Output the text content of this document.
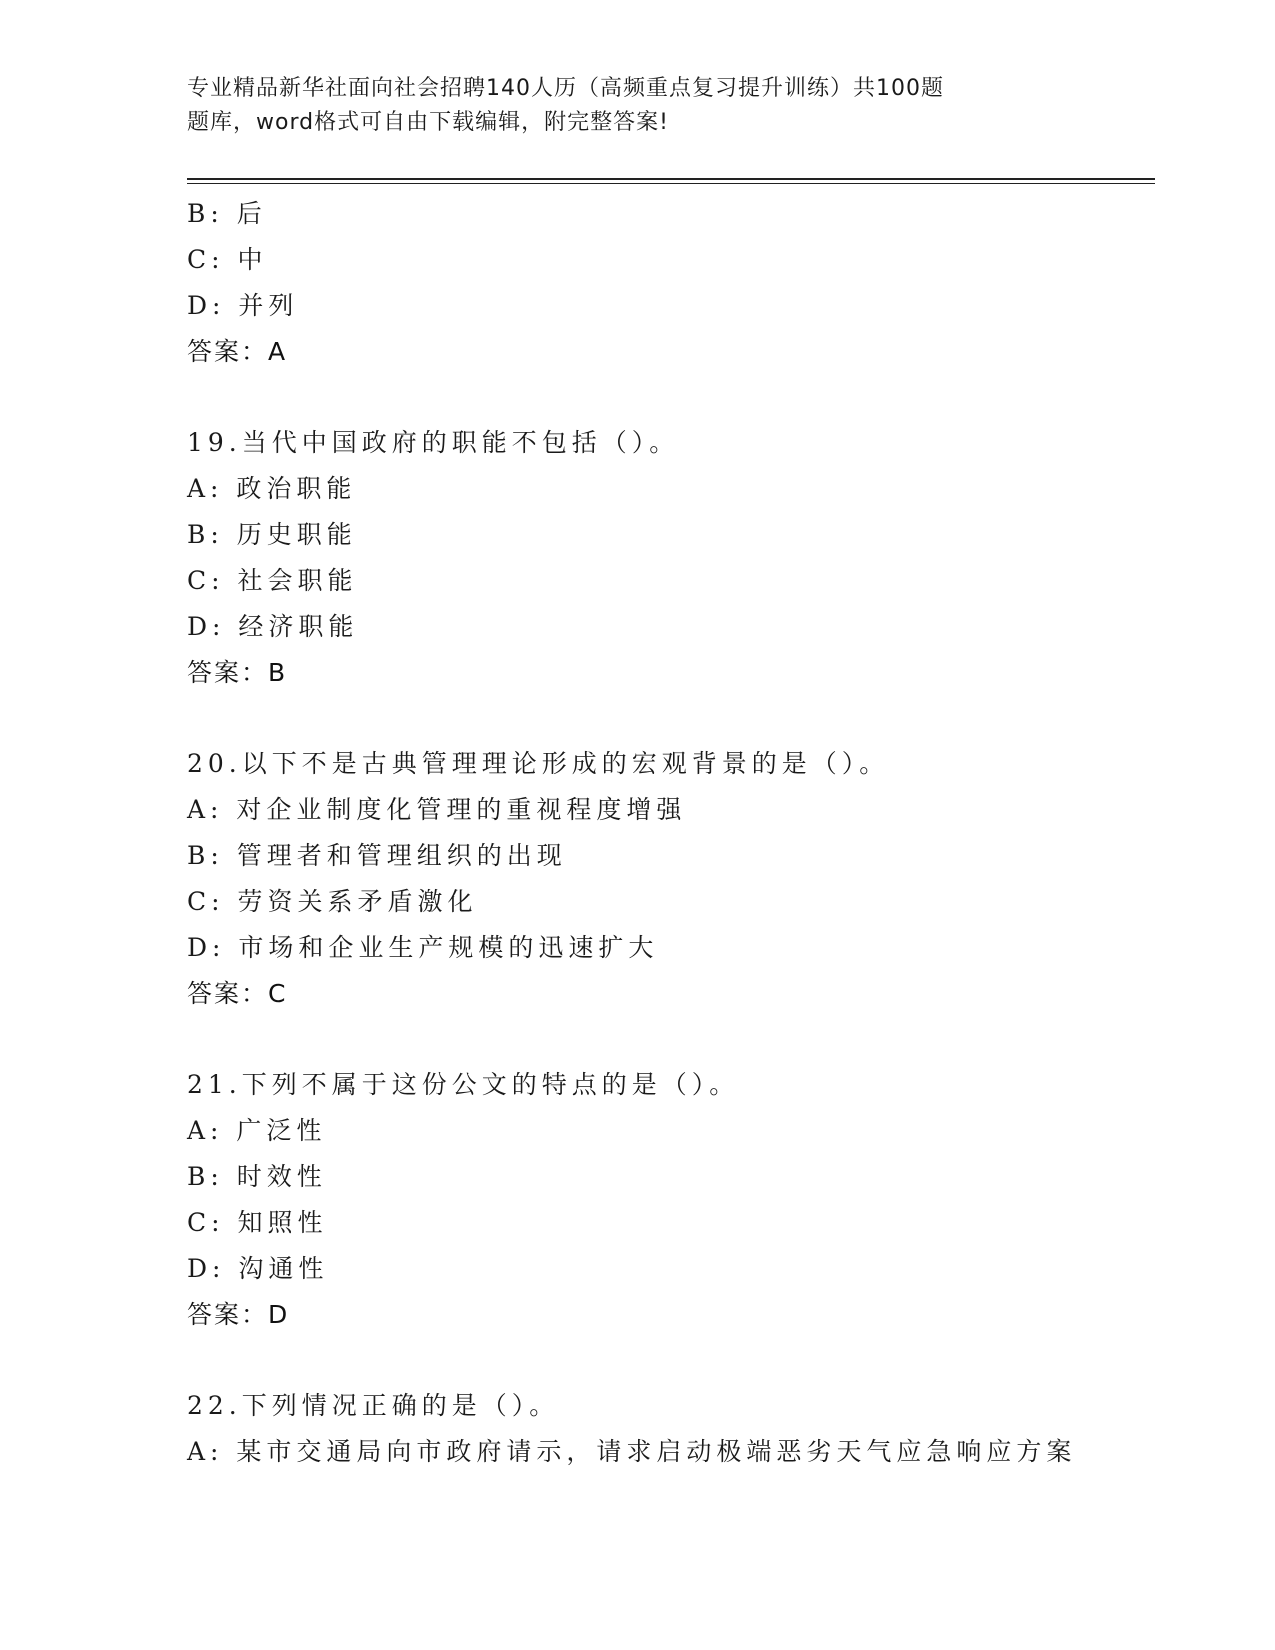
专业精品新华社面向社会招聘140人历（高频重点复习提升训练）共100题
题库，word格式可自由下载编辑，附完整答案!
B: 后
C: 中
D: 并列
答案：A
19.当代中国政府的职能不包括（）。
A: 政治职能
B: 历史职能
C: 社会职能
D: 经济职能
答案：B
20.以下不是古典管理理论形成的宏观背景的是（）。
A: 对企业制度化管理的重视程度增强
B: 管理者和管理组织的出现
C: 劳资关系矛盾激化
D: 市场和企业生产规模的迅速扩大
答案：C
21.下列不属于这份公文的特点的是（）。
A: 广泛性
B: 时效性
C: 知照性
D: 沟通性
答案：D
22.下列情况正确的是（）。
A: 某市交通局向市政府请示，请求启动极端恶劣天气应急响应方案
